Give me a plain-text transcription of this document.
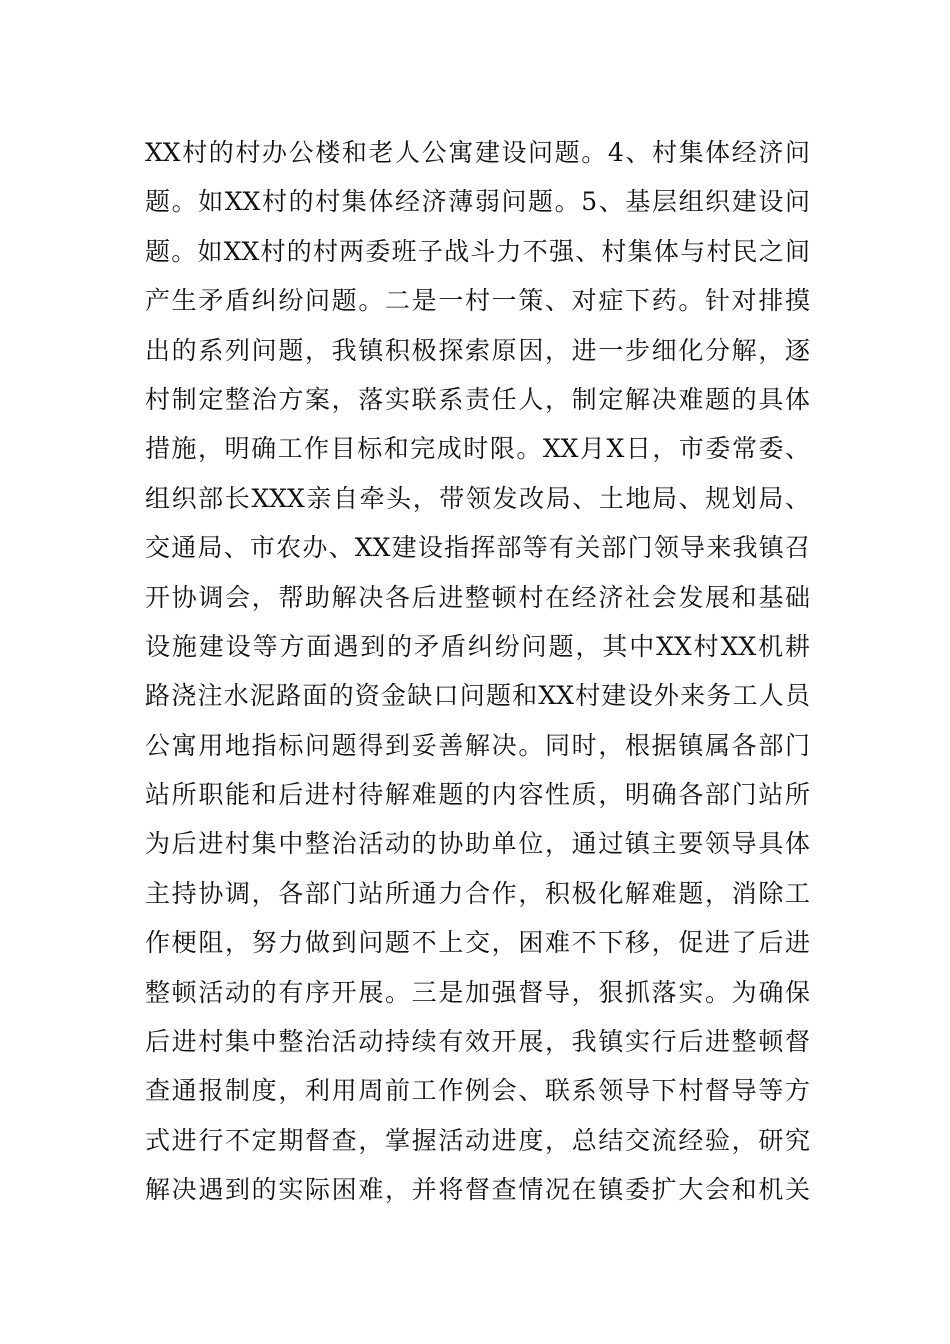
XX村的村办公楼和老人公寓建设问题。4、村集体经济问
题。如XX村的村集体经济薄弱问题。5、基层组织建设问
题。如XX村的村两委班子战斗力不强、村集体与村民之间
产生矛盾纠纷问题。二是一村一策、对症下药。针对排摸
出的系列问题，我镇积极探索原因，进一步细化分解，逐
村制定整治方案，落实联系责任人，制定解决难题的具体
措施，明确工作目标和完成时限。XX月X日，市委常委、
组织部长XXX亲自牵头，带领发改局、土地局、规划局、
交通局、市农办、XX建设指挥部等有关部门领导来我镇召
开协调会，帮助解决各后进整顿村在经济社会发展和基础
设施建设等方面遇到的矛盾纠纷问题，其中XX村XX机耕
路浇注水泥路面的资金缺口问题和XX村建设外来务工人员
公寓用地指标问题得到妥善解决。同时，根据镇属各部门
站所职能和后进村待解难题的内容性质，明确各部门站所
为后进村集中整治活动的协助单位，通过镇主要领导具体
主持协调，各部门站所通力合作，积极化解难题，消除工
作梗阻，努力做到问题不上交，困难不下移，促进了后进
整顿活动的有序开展。三是加强督导，狠抓落实。为确保
后进村集中整治活动持续有效开展，我镇实行后进整顿督
查通报制度，利用周前工作例会、联系领导下村督导等方
式进行不定期督查，掌握活动进度，总结交流经验，研究
解决遇到的实际困难，并将督查情况在镇委扩大会和机关
